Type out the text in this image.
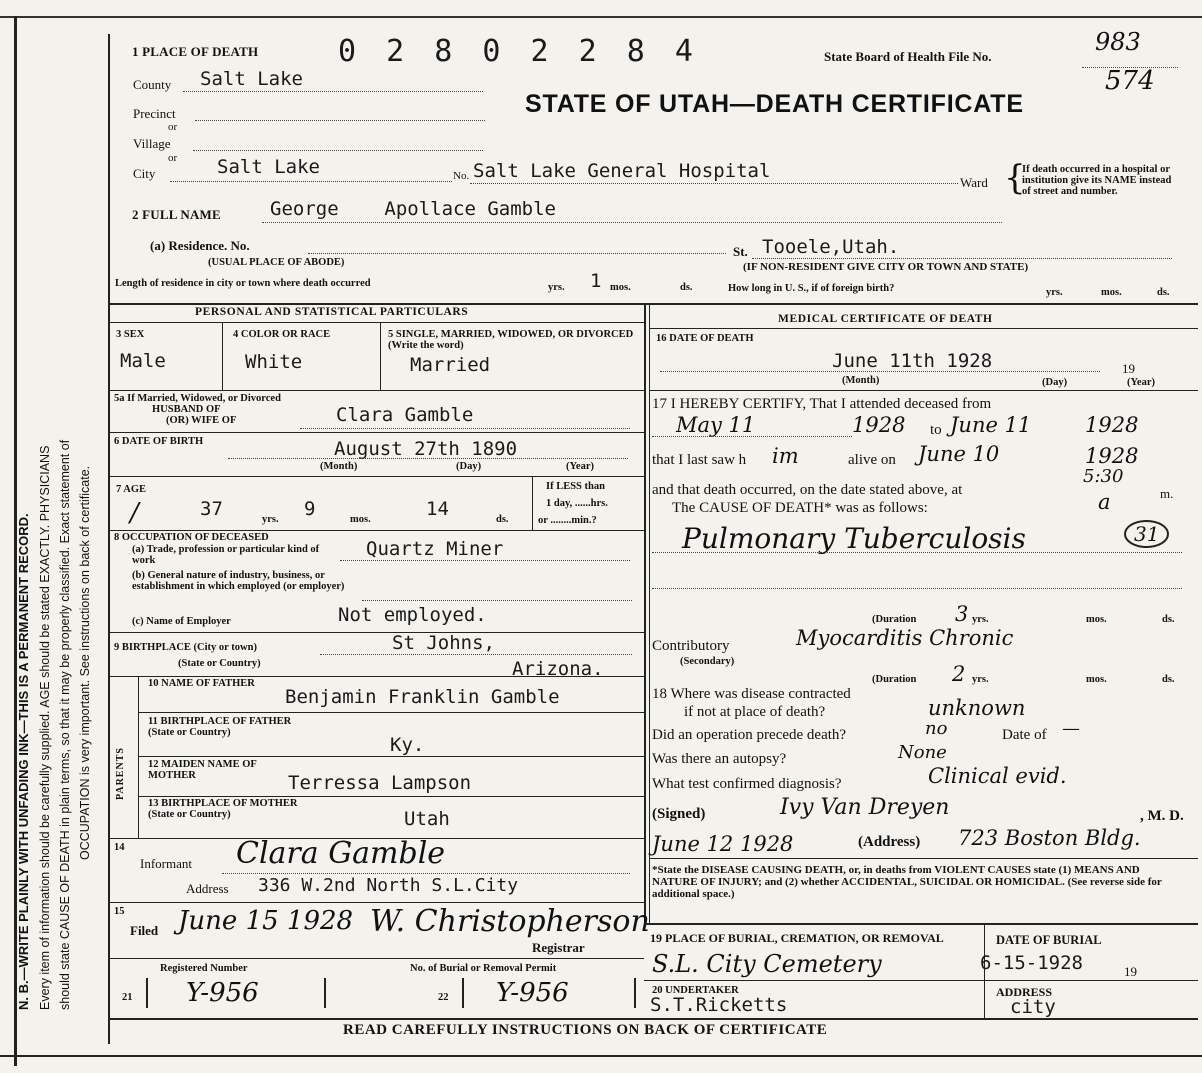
N. B.—WRITE PLAINLY WITH UNFADING INK—THIS IS A PERMANENT RECORD. Every item of information should be carefully supplied. AGE should be stated EXACTLY. PHYSICIANS should state CAUSE OF DEATH in plain terms, so that it may be properly classified. Exact statement of OCCUPATION is very important. See instructions on back of certificate.
1 PLACE OF DEATH	0 2 8 0 2 2 8 4	State Board of Health File No.
983
574
STATE OF UTAH—DEATH CERTIFICATE
County Salt Lake
Precinct
or
Village
or
City	Salt Lake	No. Salt Lake General Hospital
Ward {
If death occurred in a hospital or institution give its NAME instead of street and number.
2 FULL NAME	George    Apollace Gamble
(a) Residence. No.
(USUAL PLACE OF ABODE)
St. Tooele,Utah.
(IF NON-RESIDENT GIVE CITY OR TOWN AND STATE)
Length of residence in city or town where death occurred	yrs. 1 mos.	ds.	How long in U. S., if of foreign birth?	yrs.	mos.	ds.
PERSONAL AND STATISTICAL PARTICULARS
MEDICAL CERTIFICATE OF DEATH
3 SEX
Male
4 COLOR OR RACE
White
5 SINGLE, MARRIED, WIDOWED, OR DIVORCED (Write the word)
Married
5a If Married, Widowed, or Divorced
HUSBAND OF
(OR) WIFE OF	Clara Gamble
6 DATE OF BIRTH	August 27th 1890
(Month)	(Day)	(Year)
7 AGE
/	37	yrs. 9	mos.	14	ds.
If LESS than
1 day, ......hrs.
or ........min.?
8 OCCUPATION OF DECEASED
(a) Trade, profession or particular kind of work
Quartz Miner
(b) General nature of industry, business, or establishment in which employed (or employer)
(c) Name of Employer	Not employed.
9 BIRTHPLACE (City or town)
(State or Country)
St Johns,
Arizona.
PARENTS
10 NAME OF FATHER
Benjamin Franklin Gamble
11 BIRTHPLACE OF FATHER (State or Country)
Ky.
12 MAIDEN NAME OF MOTHER	Terressa Lampson
13 BIRTHPLACE OF MOTHER (State or Country)	Utah
14
Informant Clara Gamble
Address 336 W.2nd North S.L.City
15
Filed June 15 1928 W. Christopherson
Registrar
Registered Number
21 Y-956
No. of Burial or Removal Permit
22 Y-956
16 DATE OF DEATH
June 11th 1928	19
(Month)	(Day)	(Year)
17 I HEREBY CERTIFY, That I attended deceased from
May 11	1928 to June 11	1928
that I last saw h im	alive on June 10	1928
and that death occurred, on the date stated above, at
5:30
a	m.
The CAUSE OF DEATH* was as follows:
Pulmonary Tuberculosis	31
(Duration 3 yrs.	mos.	ds.
Contributory
(Secondary)
Myocarditis Chronic
(Duration 2 yrs.	mos.	ds.
18 Where was disease contracted
if not at place of death?	unknown
Did an operation precede death?	no	Date of —
Was there an autopsy?	None
What test confirmed diagnosis?	Clinical evid.
(Signed)	Ivy Van Dreyen	, M. D.
June 12 1928	(Address) 723 Boston Bldg.
*State the DISEASE CAUSING DEATH, or, in deaths from VIOLENT CAUSES state (1) MEANS AND NATURE OF INJURY; and (2) whether ACCIDENTAL, SUICIDAL OR HOMICIDAL. (See reverse side for additional space.)
19 PLACE OF BURIAL, CREMATION, OR REMOVAL
S.L. City Cemetery
DATE OF BURIAL
6-15-1928	19
20 UNDERTAKER
S.T.Ricketts
ADDRESS
city
READ CAREFULLY INSTRUCTIONS ON BACK OF CERTIFICATE
